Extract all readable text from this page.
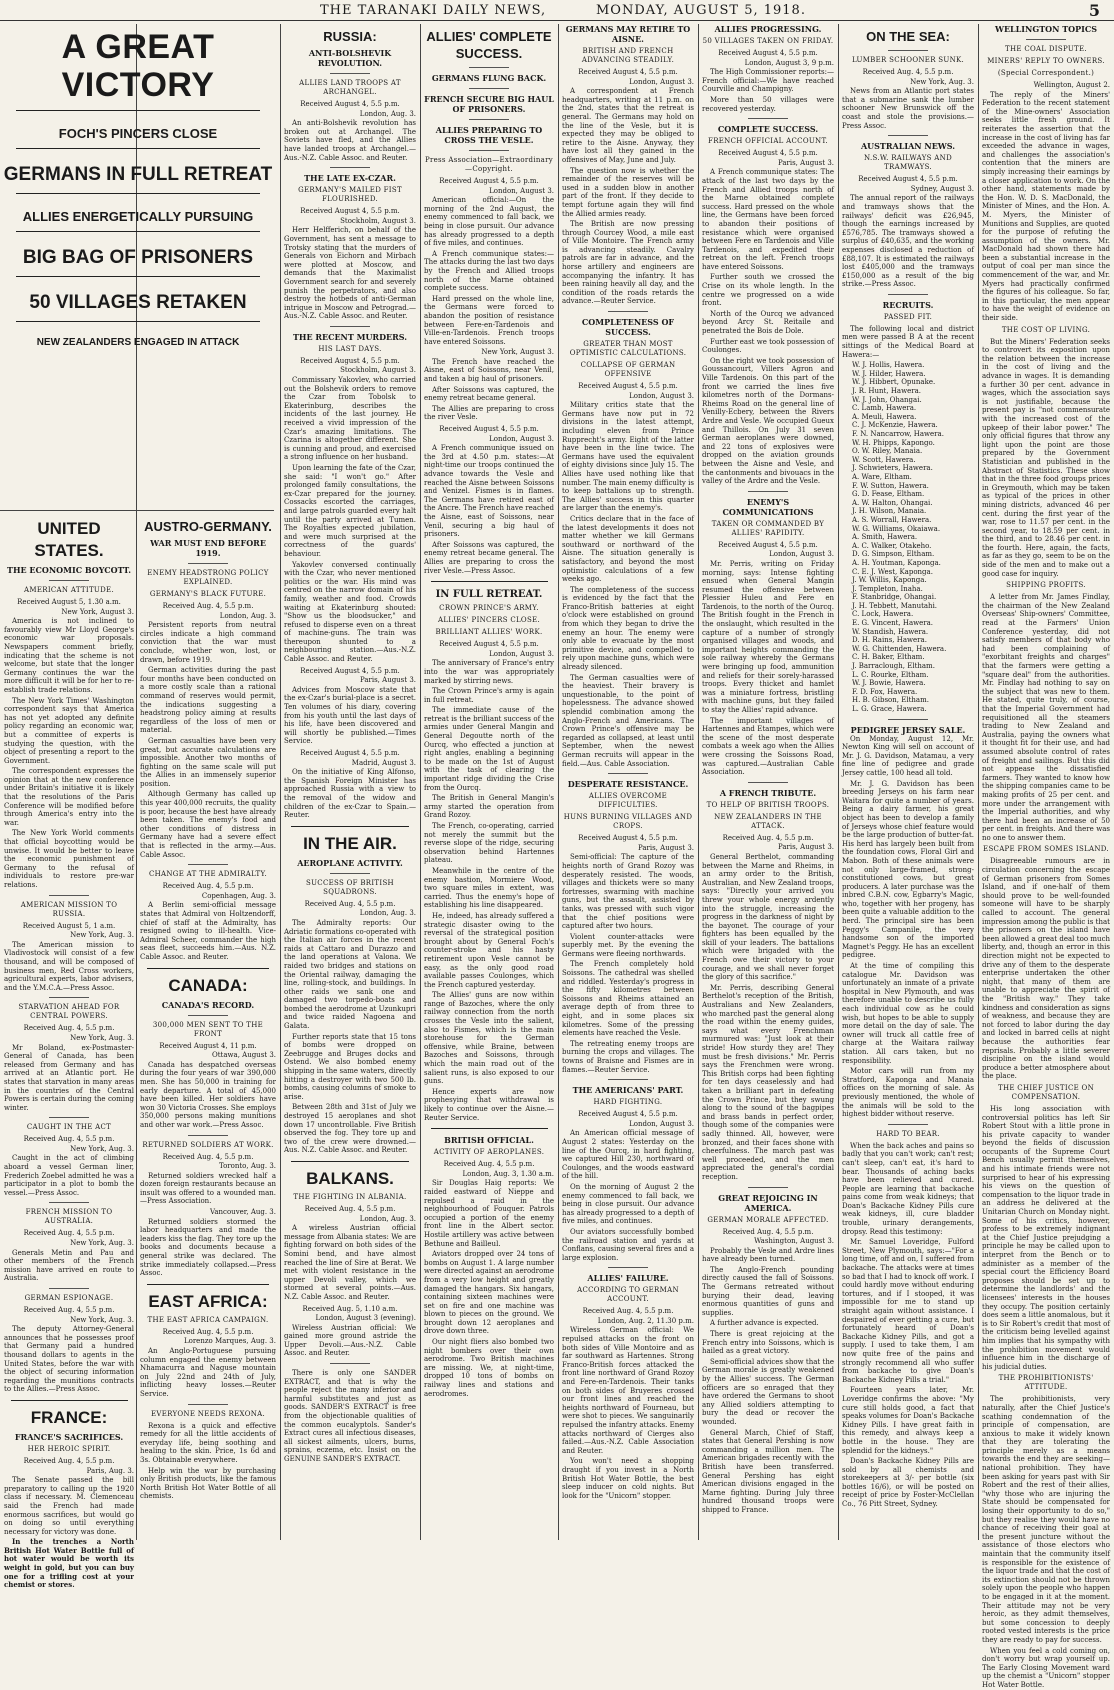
THE TARANAKI DAILY NEWS,	MONDAY, AUGUST 5, 1918.	5
A GREAT VICTORY
FOCH'S PINCERS CLOSE
GERMANS IN FULL RETREAT
ALLIES ENERGETICALLY PURSUING
BIG BAG OF PRISONERS
50 VILLAGES RETAKEN
NEW ZEALANDERS ENGAGED IN ATTACK
UNITED STATES.
THE ECONOMIC BOYCOTT.
AMERICAN ATTITUDE.
Received August 5, 1.30 a.m.
New York, August 3.

America is not inclined to favourably view Mr Lloyd George's economic war proposals. Newspapers comment briefly, indicating that the scheme is not welcome, but state that the longer Germany continues the war the more difficult it will be for her to re-establish trade relations.

The New York Times' Washington correspondent says that America has not yet adopted any definite policy regarding an economic war, but a committee of experts is studying the question, with the object of presenting a report to the Government.

The correspondent expresses the opinion that at the new conference under Britain's initiative it is likely that the resolutions of the Paris Conference will be modified before through America's entry into the war.

The New York World comments that official boycotting would be unwise. It would be better to leave the economic punishment of Germany to the refusal of individuals to restore pre-war relations.

AMERICAN MISSION TO RUSSIA.
Received August 5, 1 a.m.
New York, Aug. 3.

The American mission to Vladivostock will consist of a few thousand, and will be composed of business men, Red Cross workers, agricultural experts, labor advisers, and the Y.M.C.A.—Press Assoc.

STARVATION AHEAD FOR CENTRAL POWERS.
Received Aug. 4, 5.5 p.m.
New York, Aug. 3.

Mr Boland, ex-Postmaster-General of Canada, has been released from Germany and has arrived at an Atlantic port. He states that starvation in many areas in the countries of the Central Powers is certain during the coming winter.

CAUGHT IN THE ACT
Received Aug. 4, 5.5 p.m.
New York, Aug. 3.

Caught in the act of climbing aboard a vessel German liner, Frederich Zoebel admitted he was a participator in a plot to bomb the vessel.—Press Assoc.

FRENCH MISSION TO AUSTRALIA.
Received Aug. 4, 5.5 p.m.
New York, Aug. 3.

Generals Metin and Pau and other members of the French mission have arrived en route to Australia.

GERMAN ESPIONAGE.
Received Aug. 4, 5.5 p.m.
New York, Aug. 3.

The deputy Attorney-General announces that he possesses proof that Germany paid a hundred thousand dollars to agents in the United States, before the war with the object of securing information regarding the munitions contracts to the Allies.—Press Assoc.

FRANCE:
FRANCE'S SACRIFICES.
HER HEROIC SPIRIT.
Received Aug. 4, 5.5 p.m.
Paris, Aug. 3.

The Senate passed the bill preparatory to calling up the 1920 class if necessary. M. Clemenceau said the French had made enormous sacrifices, but would go on doing so until everything necessary for victory was done.

In the trenches a North British Hot Water Bottle full of hot water would be worth its weight in gold, but you can buy one for a trifling cost at your chemist or stores.

AUSTRO-GERMANY.
WAR MUST END BEFORE 1919.
ENEMY HEADSTRONG POLICY EXPLAINED.
GERMANY'S BLACK FUTURE.
Received Aug. 4, 5.5 p.m.
London, Aug. 3.

Persistent reports from neutral circles indicate a high command conviction that the war must conclude, whether won, lost, or drawn, before 1919.

German activities during the past four months have been conducted on a more costly scale than a rational command of reserves would permit, the indications suggesting a headstrong policy aiming at results regardless of the loss of men or material.

German casualties have been very great, but accurate calculations are impossible. Another two months of fighting on the same scale will put the Allies in an immensely superior position.

Although Germany has called up this year 400,000 recruits, the quality is poor, because the best have already been taken. The enemy's food and other conditions of distress in Germany have had a severe effect that is reflected in the army.—Aus. Cable Assoc.

CHANGE AT THE ADMIRALTY.
Received Aug. 4, 5.5 p.m.
Copenhagen, Aug. 3.

A Berlin semi-official message states that Admiral von Holtzendorff, chief of staff at the Admiralty, has resigned owing to ill-health. Vice-Admiral Scheer, commander the high seas fleet, succeeds him.—Aus. N.Z. Cable Assoc. and Reuter.

CANADA:
CANADA'S RECORD.
300,000 MEN SENT TO THE FRONT
Received August 4, 11 p.m.
Ottawa, August 3.

Canada has despatched overseas during the four years of war 390,000 men. She has 50,000 in training for early departure. A total of 45,000 have been killed. Her soldiers have won 30 Victoria Crosses. She employs 350,000 persons making munitions and other war work.—Press Assoc.

RETURNED SOLDIERS AT WORK.
Received Aug. 4, 5.5 p.m.
Toronto, Aug. 3.

Returned soldiers wrecked half a dozen foreign restaurants because an insult was offered to a wounded man.—Press Association.

Vancouver, Aug. 3.

Returned soldiers stormed the labor headquarters and made the leaders kiss the flag. They tore up the books and documents because a general strike was declared. The strike immediately collapsed.—Press Assoc.

EAST AFRICA:
THE EAST AFRICA CAMPAIGN.
Received Aug. 4, 5.5 p.m.
Lorenzo Marques, Aug. 3.

An Anglo-Portuguese pursuing column engaged the enemy between Nhamacurra and Naguse mountain on July 22nd and 24th of July, inflicting heavy losses.—Reuter Service.

EVERYONE NEEDS REXONA.

Rexona is a quick and effective remedy for all the little accidents of everyday life, being soothing and healing to the skin. Price, 1s 6d and 3s. Obtainable everywhere.

Help win the war by purchasing only British products, like the famous North British Hot Water Bottle of all chemists.

RUSSIA:
ANTI-BOLSHEVIK REVOLUTION.
ALLIES LAND TROOPS AT ARCHANGEL.
Received August 4, 5.5 p.m.
London, Aug. 3.

An anti-Bolshevik revolution has broken out at Archangel. The Soviets have fled, and the Allies have landed troops at Archangel.—Aus.-N.Z. Cable Assoc. and Reuter.

THE LATE EX-CZAR.
GERMANY'S MAILED FIST FLOURISHED.
Received August 4, 5.5 p.m.
Stockholm, August 3.

Herr Helfferich, on behalf of the Government, has sent a message to Trotsky stating that the murders of Generals von Eichorn and Mirbach were plotted at Moscow, and demands that the Maximalist Government search for and severely punish the perpetrators, and also destroy the hotbeds of anti-German intrigue in Moscow and Petrograd.—Aus.-N.Z. Cable Assoc. and Reuter.

THE RECENT MURDERS.
HIS LAST DAYS.
Received August 4, 5.5 p.m.
Stockholm, August 3.

Commissary Yakovlev, who carried out the Bolshevik orders to remove the Czar from Tobolsk to Ekaterinburg, describes the incidents of the last journey. He received a vivid impression of the Czar's amazing limitations. The Czarina is altogether different. She is cunning and proud, and exercised a strong influence on her husband.

Upon learning the fate of the Czar, she said: "I won't go." After prolonged family consultations, the ex-Czar prepared for the journey. Cossacks escorted the carriages, and large patrols guarded every halt until the party arrived at Tumen. The Royalties expected jubilation, and were much surprised at the correctness of the guards' behaviour.

Yakovlev conversed continually with the Czar, who never mentioned politics or the war. His mind was centred on the narrow domain of his family, weather and food. Crowds waiting at Ekaterinburg shouted: "Show us the bloodsucker," and refused to disperse even on a threat of machine-guns. The train was thereupon shunted to a neighbouring station.—Aus.-N.Z. Cable Assoc. and Reuter.

Received August 4, 5.5 p.m.
Paris, August 3.

Advices from Moscow state that the ex-Czar's burial-place is a secret. Ten volumes of his diary, covering from his youth until the last days of his life, have been discovered and will shortly be published.—Times Service.

Received August 4, 5.5 p.m.
Madrid, August 3.

On the initiative of King Alfonso, the Spanish Foreign Minister has approached Russia with a view to the removal of the widow and children of the ex-Czar to Spain.—Reuter.

IN THE AIR.
AEROPLANE ACTIVITY.
SUCCESS OF BRITISH SQUADRONS.
Received Aug. 4, 5.5 p.m.
London, Aug. 3.

The Admiralty reports: Our Adriatic formations co-operated with the Italian air forces in the recent raids at Cattaro and Durazzo and the land operations at Valona. We raided two bridges and stations on the Oriental railway, damaging the line, rolling-stock, and buildings. In other raids we sank one and damaged two torpedo-boats and bombed the aerodrome at Uzunkupri and twice raided Nagoena and Galata.

Further reports state that 15 tons of bombs were dropped on Zeebrugge and Bruges docks and Ostend. We also bombed enemy shipping in the same waters, directly hitting a destroyer with two 500 lb. bombs, causing columns of smoke to arise.

Between 28th and 31st of July we destroyed 15 aeroplanes and shot down 17 uncontrollable. Five British observed the fog. They tore up and two of the crew were drowned.—Aus. N.Z. Cable Assoc. and Reuter.

BALKANS.
THE FIGHTING IN ALBANIA.
Received Aug. 4, 5.5 p.m.
London, Aug. 3.

A wireless Austrian official message from Albania states: We are fighting forward on both sides of the Somini bend, and have almost reached the line of Sire at Berat. We met with violent resistance in the upper Devoli valley, which we stormed at several points.—Aus. N.Z. Cable Assoc. and Reuter.

Received Aug. 5, 1.10 a.m.
London, August 3 (evening).

Wireless Austrian official: We gained more ground astride the Upper Devoli.—Aus.-N.Z. Cable Assoc. and Reuter.

There is only one SANDER EXTRACT, and that is why the people reject the many inferior and harmful substitutes and just as goods. SANDER'S EXTRACT is free from the objectionable qualities of the common eucalyptols. Sander's Extract cures all infectious diseases, all sickest ailments, ulcers, burns, sprains, eczema, etc. Insist on the GENUINE SANDER'S EXTRACT.

ALLIES' COMPLETE SUCCESS.
GERMANS FLUNG BACK.
FRENCH SECURE BIG HAUL OF PRISONERS.
ALLIES PREPARING TO CROSS THE VESLE.
Press Association—Extraordinary—Copyright.
Received August 4, 5.5 p.m.
London, August 3.

American official:—On the morning of the 2nd August, the enemy commenced to fall back, we being in close pursuit. Our advance has already progressed to a depth of five miles, and continues.

A French communique states:—The attacks during the last two days by the French and Allied troops north of the Marne obtained complete success.

Hard pressed on the whole line, the Germans were forced to abandon the position of resistance between Fere-en-Tardenois and Ville-en-Tardenois. French troops have entered Soissons.

New York, August 3.

The French have reached the Aisne, east of Soissons, near Venil, and taken a big haul of prisoners.

After Soissons was captured, the enemy retreat became general.

The Allies are preparing to cross the river Vesle.

Received August 4, 5.5 p.m.
London, August 3.

A French communique issued on the 3rd at 4.50 p.m. states:—At night-time our troops continued the advance towards the Vesle and reached the Aisne between Soissons and Venizel. Fismes is in flames. The Germans have retired east of the Ancre. The French have reached the Aisne, east of Soissons, near Venil, securing a big haul of prisoners.

After Soissons was captured, the enemy retreat became general. The Allies are preparing to cross the river Vesle.—Press Assoc.

IN FULL RETREAT.
CROWN PRINCE'S ARMY.
ALLIES' PINCERS CLOSE.
BRILLIANT ALLIES' WORK.
Received August 4, 5.5 p.m.
London, August 3.

The anniversary of France's entry into the war was appropriately marked by stirring news.

The Crown Prince's army is again in full retreat.

The immediate cause of the retreat is the brilliant success of the armies under General Mangin and General Degoutte north of the Ourcq, who effected a junction at right angles, enabling a beginning to be made on the 1st of August with the task of clearing the important ridge dividing the Crise from the Ourcq.

The British in General Mangin's army started the operation from Grand Rozoy.

The French, co-operating, carried not merely the summit but the reverse slope of the ridge, securing observation behind Hartennes plateau.

Meanwhile in the centre of the enemy bastion, Mormiere Wood, two square miles in extent, was carried. Thus the enemy's hope of establishing his line disappeared.

He, indeed, has already suffered a strategic disaster owing to the reversal of the strategical position brought about by General Foch's counter-stroke and his hasty retirement upon Vesle cannot be easy, as the only good road available passes Coulonges, which the French captured yesterday.

The Allies' guns are now within range of Bazoches, where the only railway connection from the north crosses the Vesle into the salient, also to Fismes, which is the main storehouse for the German offensive, while Braine, between Bazoches and Soissons, through which the main road out of the salient runs, is also exposed to our guns.

Hence experts are now prophesying that withdrawal is likely to continue over the Aisne.—Reuter Service.

BRITISH OFFICIAL.
ACTIVITY OF AEROPLANES.
Received Aug. 4, 5.5 p.m.
London, Aug. 3, 1.30 a.m.

Sir Douglas Haig reports: We raided eastward of Nieppe and repulsed a raid in the neighbourhood of Fouquer. Patrols occupied a portion of the enemy front line in the Albert sector. Hostile artillery was active between Bethune and Bailleul.

Aviators dropped over 24 tons of bombs on August 1. A large number were directed against an aerodrome from a very low height and greatly damaged the hangars. Six hangars, containing sixteen machines were set on fire and one machine was blown to pieces on the ground. We brought down 12 aeroplanes and drove down three.

Our night fliers also bombed two night bombers over their own aerodrome. Two British machines are missing. We, at night-time, dropped 10 tons of bombs on railway lines and stations and aerodromes.

GERMANS MAY RETIRE TO AISNE.
BRITISH AND FRENCH ADVANCING STEADILY.
Received August 4, 5.5 p.m.
London, August 3.

A correspondent at French headquarters, writing at 11 p.m. on the 2nd, states that the retreat is general. The Germans may hold on the line of the Vesle, but it is expected they may be obliged to retire to the Aisne. Anyway, they have lost all they gained in the offensives of May, June and July.

The question now is whether the remainder of the reserves will be used in a sudden blow in another part of the front. If they decide to tempt fortune again they will find the Allied armies ready.

The British are now pressing through Courcey Wood, a mile east of Ville Montoire. The French army is advancing steadily. Cavalry patrols are far in advance, and the horse artillery and engineers are accompanying the infantry. It has been raining heavily all day, and the condition of the roads retards the advance.—Reuter Service.

COMPLETENESS OF SUCCESS.
GREATER THAN MOST OPTIMISTIC CALCULATIONS.
COLLAPSE OF GERMAN OFFENSIVE
Received August 4, 5.5 p.m.
London, August 3.

Military critics state that the Germans have now put in 72 divisions in the latest attempt, including eleven from Prince Rupprecht's army. Eight of the latter have been in the line twice. The Germans have used the equivalent of eighty divisions since July 15. The Allies have used nothing like that number. The main enemy difficulty is to keep battalions up to strength. The Allies' success in this quarter are larger than the enemy's.

Critics declare that in the face of the latest developments it does not matter whether we kill Germans southward or northward of the Aisne. The situation generally is satisfactory, and beyond the most optimistic calculations of a few weeks ago.

The completeness of the success is evidenced by the fact that the Franco-British batteries at eight o'clock were established on ground from which they began to drive the enemy an hour. The enemy were only able to evacuate by the most primitive device, and compelled to rely upon machine guns, which were already silenced.

The German casualties were of the heaviest. Their bravery is unquestionable, to the point of hopelessness. The advance showed splendid combination among the Anglo-French and Americans. The Crown Prince's offensive may be regarded as collapsed, at least until September, when the newest German recruits will appear in the field.—Aus. Cable Association.

DESPERATE RESISTANCE.
ALLIES OVERCOME DIFFICULTIES.
HUNS BURNING VILLAGES AND CROPS.
Received August 4, 5.5 p.m.
Paris, August 3.

Semi-official: The capture of the heights north of Grand Rozoy was desperately resisted. The woods, villages and thickets were so many fortresses, swarming with machine guns, but the assault, assisted by tanks, was pressed with such vigor that the chief positions were captured after two hours.

Violent counter-attacks were superbly met. By the evening the Germans were fleeing northwards.

The French completely hold Soissons. The cathedral was shelled and riddled. Yesterday's progress in the fifty kilometres between Soissons and Rheims attained an average depth of from three to eight, and in some places six kilometres. Some of the pressing elements have reached the Vesle.

The retreating enemy troops are burning the crops and villages. The towns of Braisne and Fismes are in flames.—Reuter Service.

THE AMERICANS' PART.
HARD FIGHTING.
Received August 4, 5.5 p.m.
London, August 3.

An American official message of August 2 states: Yesterday on the line of the Ourcq, in hard fighting, we captured Hill 230, northward of Coulonges, and the woods eastward of the hill.

On the morning of August 2 the enemy commenced to fall back, we being in close pursuit. Our advance has already progressed to a depth of five miles, and continues.

Our aviators successfully bombed the railroad station and yards at Conflans, causing several fires and a large explosion.

ALLIES' FAILURE.
ACCORDING TO GERMAN ACCOUNT.
Received Aug. 4, 5.5 p.m.
London, Aug. 2, 11.30 p.m.

Wireless German official: We repulsed attacks on the front on both sides of Ville Montoire and as far southward as Hartennes. Strong Franco-British forces attacked the front line northward of Grand Rozoy and Fere-en-Tardenois. Their tanks on both sides of Bruyeres crossed our front lines and reached the heights northward of Fourneau, but were shot to pieces. We sanguinarily repulsed the infantry attacks. Enemy attacks northward of Cierges also failed.—Aus.-N.Z. Cable Association and Reuter.

You won't need a shopping draught if you invest in a North British Hot Water Bottle, the best sleep inducer on cold nights. But look for the "Unicorn" stopper.

ALLIES PROGRESSING.
50 VILLAGES TAKEN ON FRIDAY.
Received August 4, 5.5 p.m.
London, August 3, 9 p.m.

The High Commissioner reports:—French official:—We have reached Courville and Champigny.

More than 50 villages were recovered yesterday.

COMPLETE SUCCESS.
FRENCH OFFICIAL ACCOUNT.
Received August 4, 5.5 p.m.
Paris, August 3.

A French communique states: The attack of the last two days by the French and Allied troops north of the Marne obtained complete success. Hard pressed on the whole line, the Germans have been forced to abandon their positions of resistance which were organised between Fere en Tardenois and Ville Tardenois, and expedited their retreat on the left. French troops have entered Soissons.

Further south we crossed the Crise on its whole length. In the centre we progressed on a wide front.

North of the Ourcq we advanced beyond Arcy St. Reitaile and penetrated the Bois de Dole.

Further east we took possession of Coulonges.

On the right we took possession of Goussancourt, Villers Agron and Ville Tardenois. On this part of the front we carried the lines five kilometres north of the Dormans-Rheims Road on the general line of Venilly-Ecbery, between the Rivers Ardre and Vesle. We occupied Gueux and Thillois. On July 31 seven German aeroplanes were downed, and 22 tons of explosives were dropped on the aviation grounds between the Aisne and Vesle, and the cantonments and bivouacs in the valley of the Ardre and the Vesle.

ENEMY'S COMMUNICATIONS
TAKEN OR COMMANDED BY ALLIES' RAPIDITY.
Received August 4, 5.5 p.m.
London, August 3.

Mr. Perris, writing on Friday morning, says: Intense fighting ensued when General Mangin resumed the offensive between Plessier Huleu and Fere en Tardenois, to the north of the Ourcq. The British fought in the French in the onslaught, which resulted in the capture of a number of strongly organised villages and woods, and important heights commanding the sole railway whereby the Germans were bringing up food, ammunition and reliefs for their sorely-harassed troops. Every thicket and hamlet was a miniature fortress, bristling with machine guns, but they failed to stay the Allies' rapid advance.

The important villages of Hartennes and Etampes, which were the scene of the most desperate combats a week ago when the Allies were crossing the Soissons Road, was captured.—Australian Cable Association.

A FRENCH TRIBUTE.
TO HELP OF BRITISH TROOPS.
NEW ZEALANDERS IN THE ATTACK.
Received Aug. 4, 5.5 p.m.
Paris, August 3.

General Berthelot, commanding between the Marne and Rheims, in an army order to the British, Australian, and New Zealand troops, says: "Directly your arrived you threw your whole energy ardently into the struggle, increasing the progress in the darkness of night by the bayonet. The courage of your fighters has been equalled by the skill of your leaders. The battalions which were brigaded with the French owe their victory to your courage, and we shall never forget the glory of this sacrifice."

Mr. Perris, describing General Berthelot's reception of the British, Australians and New Zealanders, who marched past the general along the road within the enemy guides, says what every Frenchman murmured was: "Just look at their stride! How sturdy they are! They must be fresh divisions." Mr. Perris says the Frenchmen were wrong. This British corps had been fighting for ten days ceaselessly and had taken a brilliant part in defeating the Crown Prince, but they swung along to the sound of the bagpipes and brass bands in perfect order, though some of the companies were sadly thinned. All, however, were bronzed, and their faces shone with cheerfulness. The march past was well proceeded, and the men appreciated the general's cordial reception.

GREAT REJOICING IN AMERICA.
GERMAN MORALE AFFECTED.
Received Aug. 4, 5.5 p.m.
Washington, August 3.

Probably the Vesle and Ardre lines have already been turned.

The Anglo-French pounding directly caused the fall of Soissons. The Germans retreated without burying their dead, leaving enormous quantities of guns and supplies.

A further advance is expected.

There is great rejoicing at the French entry into Soissons, which is hailed as a great victory.

Semi-official advices show that the German morale is greatly weakened by the Allies' success. The German officers are so enraged that they have ordered the Germans to shoot any Allied soldiers attempting to bury the dead or recover the wounded.

General March, Chief of Staff, states that General Pershing is now commanding a million men. The American brigades recently with the British have been transferred. General Pershing has eight American divisions engaged in the Marne fighting. During July three hundred thousand troops were shipped to France.

ON THE SEA:
LUMBER SCHOONER SUNK.
Received Aug. 4, 5.5 p.m.
New York, Aug. 3.

News from an Atlantic port states that a submarine sank the lumber schooner New Brunswick off the coast and stole the provisions.—Press Assoc.

AUSTRALIAN NEWS.
N.S.W. RAILWAYS AND TRAMWAYS.
Received August 4, 5.5 p.m.
Sydney, August 3.

The annual report of the railways and tramways shows that the railways' deficit was £26,945, though the earnings increased by £576,785. The tramways showed a surplus of £40,635, and the working expenses disclosed a reduction of £88,107. It is estimated the railways lost £405,000 and the tramways £150,000 as a result of the big strike.—Press Assoc.

RECRUITS.
PASSED FIT.

The following local and district men were passed B A at the recent sittings of the Medical Board at Hawera:—

W. J. Hollis, Hawera.
W. J. Hilder, Hawera.
W. J. Hibbert, Opunake.
J. R. Hunt, Hawera.
W. J. John, Ohangai.
C. Lamb, Hawera.
A. Meuli, Hawera.
C. J. McKenzie, Hawera.
F. N. Nancarrow, Hawera.
W. H. Phipps, Kapongo.
O. W. Riley, Manaia.
W. Scott, Hawera.
J. Schwieters, Hawera.
A. Ware, Eltham.
F. W. Sutton, Hawera.
G. D. Fease, Eltham.
A. W. Halton, Ohangai.
J. H. Wilson, Manaia.
A. S. Worrall, Hawera.
W. G. Williams, Okaiawa.
A. Smith, Hawera.
A. C. Walker, Otakeho.
D. G. Simpson, Eltham.
A. H. Youtman, Kaponga.
C. E. J. West, Kaponga.
J. W. Willis, Kaponga.
J. Templeton, Inaha.
F. Stanbridge, Ohangai.
J. H. Tebbett, Manutahi.
C. Lock, Hawera.
E. G. Vincent, Hawera.
W. Standish, Hawera.
D. H. Rains, Hawera.
W. G. Chittenden, Hawera.
C. H. Baker, Eltham.
J. Barraclough, Eltham.
L. C. Rourke, Eltham.
W. J. Bowie, Hawera.
F. D. Fox, Hawera.
H. B. Gibson, Eltham.
L. G. Grace, Hawera.
PEDIGREE JERSEY SALE.

On Monday, August 12, Mr. Newton King will sell on account of Mr. J. G. Davidson, Matamau, a very fine line of pedigree and grade Jersey cattle, 100 head all told.

Mr. J. G. Davidson has been breeding Jerseys on his farm near Waitara for quite a number of years. Being a dairy farmer, his great object has been to develop a family of Jerseys whose chief feature would be the large production of butter-fat. His herd has largely been built from the foundation cows, Floral Girl and Mabon. Both of these animals were not only large-framed, strong-constitutioned cows, but great producers. A later purchase was the inbred C.B.N. cow, Egbarry's Magic, who, together with her progeny, has been quite a valuable addition to the herd. The principal sire has been Peggy's Campanile, the very handsome son of the imported Magnet's Peggy. He has an excellent pedigree.

At the time of compiling this catalogue Mr. Davidson was unfortunately an inmate of a private hospital in New Plymouth, and was therefore unable to describe us fully each individual cow as he could wish, but hopes to be able to supply more detail on the day of sale. The owner will truck all cattle free of charge at the Waitara railway station. All cars taken, but no responsibility.

Motor cars will run from my Stratford, Kaponga and Manaia offices on the morning of sale. As previously mentioned, the whole of the animals will be sold to the highest bidder without reserve.

HARD TO BEAR.

When the back aches and pains so badly that you can't work; can't rest; can't sleep, can't eat, it's hard to bear. Thousands of aching backs have been relieved and cured. People are learning that backache pains come from weak kidneys; that Doan's Backache Kidney Pills cure weak kidneys, ill, cure bladder trouble, urinary derangements, dropsy. Read this testimony:

Mr. Samuel Loveridge, Fulford Street, New Plymouth, says:—"For a long time, off and on, I suffered from backache. The attacks were at times so bad that I had to knock off work. I could hardly move without enduring tortures, and if I stooped, it was impossible for me to stand up straight again without assistance. I despaired of ever getting a cure, but fortunately heard of Doan's Backache Kidney Pills, and got a supply. I used to take them, I am now quite free of the pains and strongly recommend all who suffer from backache to give Doan's Backache Kidney Pills a trial."

Fourteen years later, Mr. Loveridge confirms the above: "My cure still holds good, a fact that speaks volumes for Doan's Backache Kidney Pills. I have great faith in this remedy, and always keep a bottle in the house. They are splendid for the kidneys."

Doan's Backache Kidney Pills are sold by all chemists and storekeepers at 3/- per bottle (six bottles 16/6), or will be posted on receipt of price by Foster-McClellan Co., 76 Pitt Street, Sydney.

WELLINGTON TOPICS
THE COAL DISPUTE.
MINERS' REPLY TO OWNERS.
(Special Correspondent.)
Wellington, August 2.

The reply of the Miners' Federation to the recent statement of the Mine-owners' Association seeks little fresh ground. It reiterates the assertion that the increase in the cost of living has far exceeded the advance in wages, and challenges the association's contention that the miners are simply increasing their earnings by a closer application to work. On the other hand, statements made by the Hon. W. D. S. MacDonald, the Minister of Mines, and the Hon. A. M. Myers, the Minister of Munitions and Supplies, are quoted for the purpose of refuting the assumption of the owners. Mr. MacDonald had shown there had been a substantial increase in the output of coal per man since the commencement of the war, and Mr. Myers had practically confirmed the figures of his colleague. So far, in this particular, the men appear to have the weight of evidence on their side.

THE COST OF LIVING.

But the Miners' Federation seeks to controvert its exposition upon the relation between the increase in the cost of living and the advance in wages. It is demanding a further 30 per cent. advance in wages, which the association says is not justifiable, because the present pay is "not commensurate with the increased cost of the upkeep of their labor power." The only official figures that throw any light upon the point are those prepared by the Government Statistician and published in the Abstract of Statistics. These show that in the three food groups prices in Greymouth, which may be taken as typical of the prices in other mining districts, advanced 46 per cent. during the first year of the war, rose to 11.57 per cent. in the second year, to 18.59 per cent. in the third, and to 28.46 per cent. in the fourth. Here, again, the facts, as far as they go, seem to be on the side of the men and to make out a good case for inquiry.

SHIPPING PROFITS.

A letter from Mr. James Findlay, the chairman of the New Zealand Overseas' Ship-owners' Committee, read at the Farmers' Union Conference yesterday, did not satisfy members of that body who had been complaining of "exorbitant freights and charges" that the farmers were getting a "square deal" from the authorities. Mr. Findlay had nothing to say on the subject that was new to them. He stated, quite truly, of course, that the Imperial Government had requisitioned all the steamers trading to New Zealand and Australia, paying the owners what it thought fit for their use, and had assumed absolute control of rates of freight and sailings. But this did not appease the dissatisfied farmers. They wanted to know how the shipping companies came to be making profits of 25 per cent. and more under the arrangement with the Imperial authorities, and why there had been an increase of 50 per cent. in freights. And there was no one to answer them.

ESCAPE FROM SOMES ISLAND.

Disagreeable rumours are in circulation concerning the escape of German prisoners from Somes Island, and if one-half of them should prove to be well-founded someone will have to be sharply called to account. The general impression among the public is that the prisoners on the island have been allowed a great deal too much liberty, and, though an error in this direction might not be expected to drive any of them to the desperate enterprise undertaken the other night, that many of them are unable to appreciate the spirit of the "British way." They take kindness and consideration as signs of weakness, and because they are not forced to labor during the day and locked in barred cells at night because the authorities fear reprisals. Probably a little severer discipline on the island would produce a better atmosphere about the place.

THE CHIEF JUSTICE ON COMPENSATION.

His long association with controversial politics has left Sir Robert Stout with a little prone in his private capacity to wander beyond the fields of discussion occupants of the Supreme Court Bench usually permit themselves, and his intimate friends were not surprised to hear of his expressing his views on the question of compensation to the liquor trade in an address he delivered at the Unitarian Church on Monday night. Some of his critics, however, profess to be extremely indignant at the Chief Justice prejudging a principle he may be called upon to interpret from the Bench or to administer as a member of the special court the Efficiency Board proposes should be set up to determine the landlords' and the licensees' interests in the houses they occupy. The position certainly does seem a little anomalous, but it is to Sir Robert's credit that most of the criticism being levelled against him implies that his sympathy with the prohibition movement would influence him in the discharge of his judicial duties.

THE PROHIBITIONISTS' ATTITUDE.

The prohibitionists, very naturally, after the Chief Justice's scathing condemnation of the principle of compensation, are anxious to make it widely known that they are tolerating the principle merely as a means towards the end they are seeking—national prohibition. They have been asking for years past with Sir Robert and the rest of their allies, "why those who are injuring the State should be compensated for losing their opportunity to do so," but they realise they would have no chance of receiving their goal at the present juncture without the assistance of those electors who maintain that the community itself is responsible for the existence of the liquor trade and that the cost of its extinction should not be thrown solely upon the people who happen to be engaged in it at the moment. Their attitude may not be very heroic, as they admit themselves, but some concession to deeply rooted vested interests is the price they are ready to pay for success.

When you feel a cold coming on, don't worry but wrap yourself up. The Early Closing Movement ward up the chemist a "Unicorn" stopper Hot Water Bottle.
